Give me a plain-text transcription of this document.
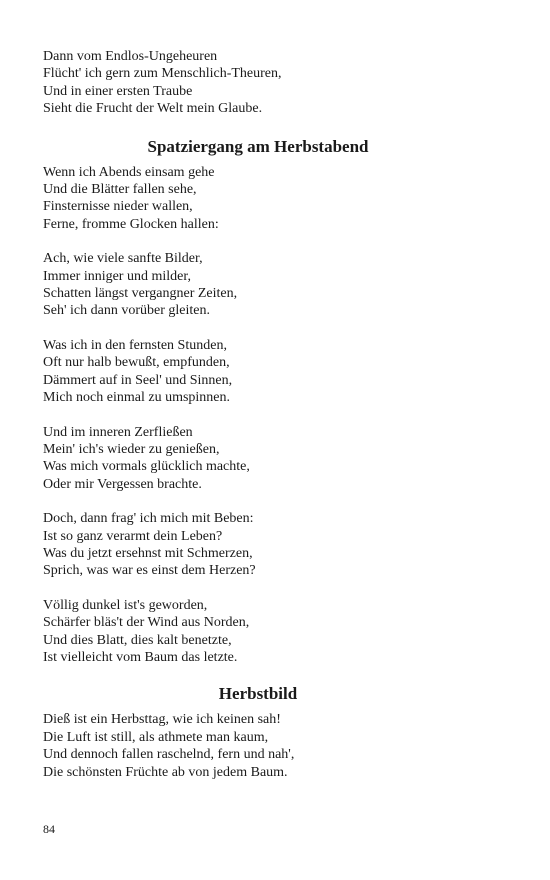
Dann vom Endlos-Ungeheuren
Flücht' ich gern zum Menschlich-Theuren,
Und in einer ersten Traube
Sieht die Frucht der Welt mein Glaube.
Spatziergang am Herbstabend
Wenn ich Abends einsam gehe
Und die Blätter fallen sehe,
Finsternisse nieder wallen,
Ferne, fromme Glocken hallen:
Ach, wie viele sanfte Bilder,
Immer inniger und milder,
Schatten längst vergangner Zeiten,
Seh' ich dann vorüber gleiten.
Was ich in den fernsten Stunden,
Oft nur halb bewußt, empfunden,
Dämmert auf in Seel' und Sinnen,
Mich noch einmal zu umspinnen.
Und im inneren Zerfließen
Mein' ich's wieder zu genießen,
Was mich vormals glücklich machte,
Oder mir Vergessen brachte.
Doch, dann frag' ich mich mit Beben:
Ist so ganz verarmt dein Leben?
Was du jetzt ersehnst mit Schmerzen,
Sprich, was war es einst dem Herzen?
Völlig dunkel ist's geworden,
Schärfer bläs't der Wind aus Norden,
Und dies Blatt, dies kalt benetzte,
Ist vielleicht vom Baum das letzte.
Herbstbild
Dieß ist ein Herbsttag, wie ich keinen sah!
Die Luft ist still, als athmete man kaum,
Und dennoch fallen raschelnd, fern und nah',
Die schönsten Früchte ab von jedem Baum.
84
